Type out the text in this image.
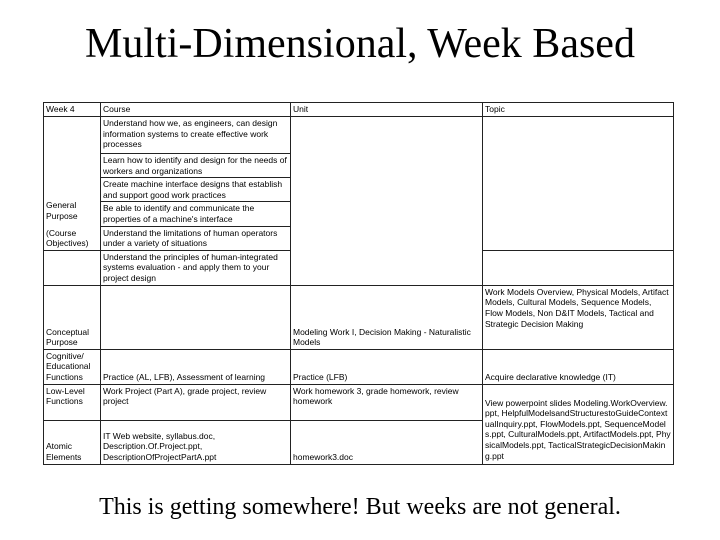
Multi-Dimensional, Week Based
Week 4	Course	Unit	Topic

General Purpose
(Course Objectives)	Understand how we, as engineers, can design information systems to create effective work processes		
	Learn how to identify and design for the needs of workers and organizations		
	Create machine interface designs that establish and support good work practices		
	Be able to identify and communicate the properties of a machine's interface		
	Understand the limitations of human operators under a variety of situations		
	Understand the principles of human-integrated systems evaluation - and apply them to your project design		
Conceptual Purpose		Modeling Work I, Decision Making - Naturalistic Models	Work Models Overview, Physical Models, Artifact Models, Cultural Models, Sequence Models, Flow Models, Non D&IT Models, Tactical and Strategic Decision Making
Cognitive/ Educational Functions	Practice (AL, LFB), Assessment of learning	Practice (LFB)	Acquire declarative knowledge (IT)
Low-Level Functions	Work Project (Part A), grade project, review project	Work homework 3, grade homework, review homework	View powerpoint slides Modeling.WorkOverview.ppt, HelpfulModelsandStructurestoGuideContextualInquiry.ppt, FlowModels.ppt, SequenceModels.ppt, CulturalModels.ppt, ArtifactModels.ppt, PhysicalModels.ppt, TacticalStrategicDecisionMaking.ppt
Atomic Elements	IT Web website, syllabus.doc, Description.Of.Project.ppt, DescriptionOfProjectPartA.ppt	homework3.doc	
This is getting somewhere! But weeks are not general.
